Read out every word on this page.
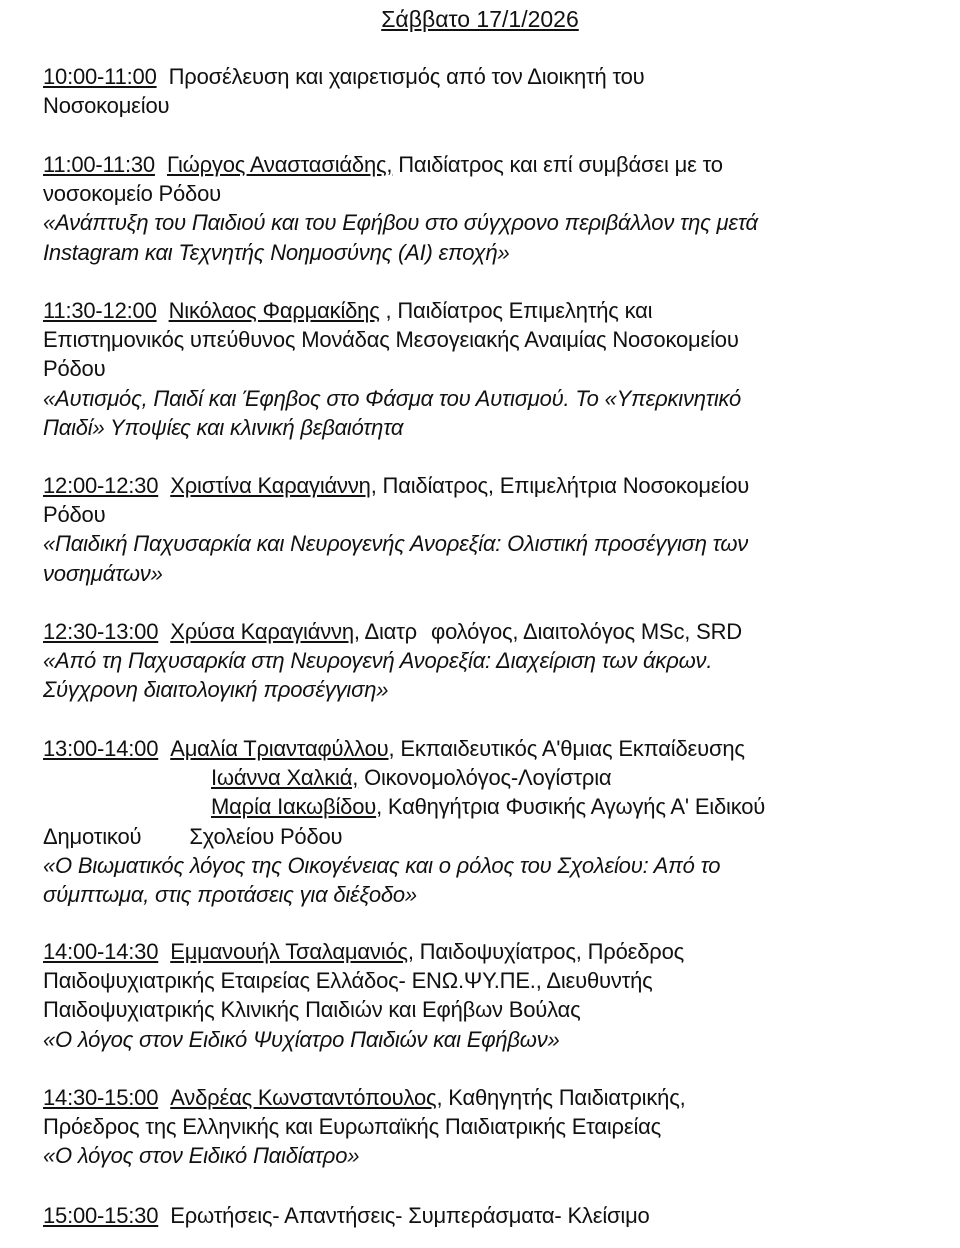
Σάββατο 17/1/2026
10:00-11:00 Προσέλευση και χαιρετισμός από τον Διοικητή του
Νοσοκομείου
11:00-11:30 Γιώργος Αναστασιάδης, Παιδίατρος και επί συμβάσει με το
νοσοκομείο Ρόδου
«Ανάπτυξη του Παιδιού και του Εφήβου στο σύγχρονο περιβάλλον της μετά
Instagram και Τεχνητής Νοημοσύνης (AI) εποχή»
11:30-12:00 Νικόλαος Φαρμακίδης , Παιδίατρος Επιμελητής και
Επιστημονικός υπεύθυνος Μονάδας Μεσογειακής Αναιμίας Νοσοκομείου
Ρόδου
«Αυτισμός, Παιδί και Έφηβος στο Φάσμα του Αυτισμού. Το «Υπερκινητικό
Παιδί» Υποψίες και κλινική βεβαιότητα
12:00-12:30 Χριστίνα Καραγιάννη, Παιδίατρος, Επιμελήτρια Νοσοκομείου
Ρόδου
«Παιδική Παχυσαρκία και Νευρογενής Ανορεξία: Ολιστική προσέγγιση των
νοσημάτων»
12:30-13:00 Χρύσα Καραγιάννη, Διατρ φολόγος, Διαιτολόγος MSc, SRD
«Από τη Παχυσαρκία στη Νευρογενή Ανορεξία: Διαχείριση των άκρων.
Σύγχρονη διαιτολογική προσέγγιση»
13:00-14:00 Αμαλία Τριανταφύλλου, Εκπαιδευτικός Α'θμιας Εκπαίδευσης
Ιωάννα Χαλκιά, Οικονομολόγος-Λογίστρια
Μαρία Ιακωβίδου, Καθηγήτρια Φυσικής Αγωγής Α' Ειδικού
Δημοτικού Σχολείου Ρόδου
«Ο Βιωματικός λόγος της Οικογένειας και ο ρόλος του Σχολείου: Από το
σύμπτωμα, στις προτάσεις για διέξοδο»
14:00-14:30 Εμμανουήλ Τσαλαμανιός, Παιδοψυχίατρος, Πρόεδρος
Παιδοψυχιατρικής Εταιρείας Ελλάδος- ΕΝΩ.ΨΥ.ΠΕ., Διευθυντής
Παιδοψυχιατρικής Κλινικής Παιδιών και Εφήβων Βούλας
«Ο λόγος στον Ειδικό Ψυχίατρο Παιδιών και Εφήβων»
14:30-15:00 Ανδρέας Κωνσταντόπουλος, Καθηγητής Παιδιατρικής,
Πρόεδρος της Ελληνικής και Ευρωπαϊκής Παιδιατρικής Εταιρείας
«Ο λόγος στον Ειδικό Παιδίατρο»
15:00-15:30 Ερωτήσεις- Απαντήσεις- Συμπεράσματα- Κλείσιμο
